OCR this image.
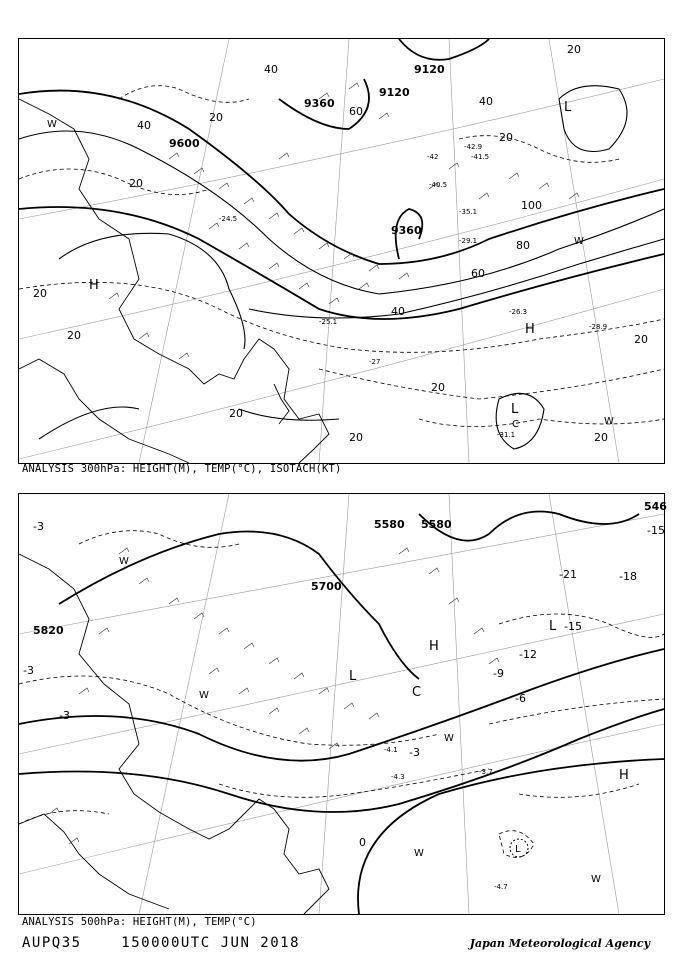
9120
9120
9360
9360
9600
20
40
40
20
20
20
40
60
80
100
20
20
20
20
20
60
20
40
20
-42	-41.5
-42.9
-40.5
-35.1
-29.1
-26.3
-28.9
-25.1
-24.5
-31.1
-27
L
H
H
L
W
W
W
C
ANALYSIS 300hPa: HEIGHT(M), TEMP(°C), ISOTACH(KT)
5580 5580
5700
5820
546
-3
-3
-3
-6
-9
-12
-15
-18
-21
-3
0
-15
-4.1
-4.3
-3.7
-4.7
L
L
H
H
C
L
W
W
W
W
W
ANALYSIS 500hPa: HEIGHT(M), TEMP(°C)
AUPQ35	150000UTC JUN 2018	Japan Meteorological Agency
